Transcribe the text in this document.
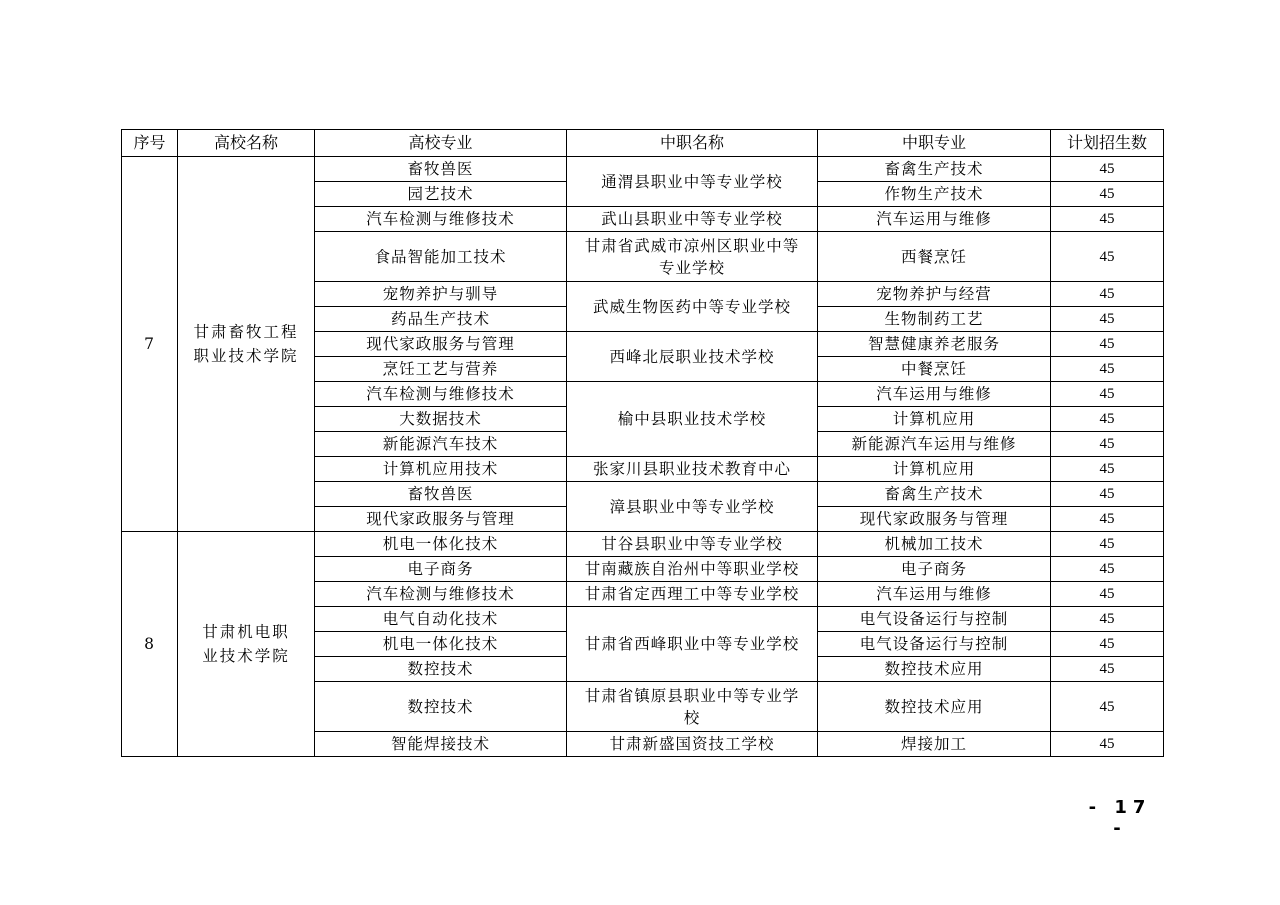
序号	高校名称	高校专业	中职名称	中职专业	计划招生数
7	甘肃畜牧工程职业技术学院	畜牧兽医	通渭县职业中等专业学校	畜禽生产技术	45
		园艺技术		作物生产技术	45
		汽车检测与维修技术	武山县职业中等专业学校	汽车运用与维修	45
		食品智能加工技术	甘肃省武威市凉州区职业中等专业学校	西餐烹饪	45
		宠物养护与驯导	武威生物医药中等专业学校	宠物养护与经营	45
		药品生产技术		生物制药工艺	45
		现代家政服务与管理	西峰北辰职业技术学校	智慧健康养老服务	45
		烹饪工艺与营养		中餐烹饪	45
		汽车检测与维修技术	榆中县职业技术学校	汽车运用与维修	45
		大数据技术		计算机应用	45
		新能源汽车技术		新能源汽车运用与维修	45
		计算机应用技术	张家川县职业技术教育中心	计算机应用	45
		畜牧兽医	漳县职业中等专业学校	畜禽生产技术	45
		现代家政服务与管理		现代家政服务与管理	45
8	甘肃机电职业技术学院	机电一体化技术	甘谷县职业中等专业学校	机械加工技术	45
		电子商务	甘南藏族自治州中等职业学校	电子商务	45
		汽车检测与维修技术	甘肃省定西理工中等专业学校	汽车运用与维修	45
		电气自动化技术	甘肃省西峰职业中等专业学校	电气设备运行与控制	45
		机电一体化技术		电气设备运行与控制	45
		数控技术		数控技术应用	45
		数控技术	甘肃省镇原县职业中等专业学校	数控技术应用	45
		智能焊接技术	甘肃新盛国资技工学校	焊接加工	45
- 17 -
